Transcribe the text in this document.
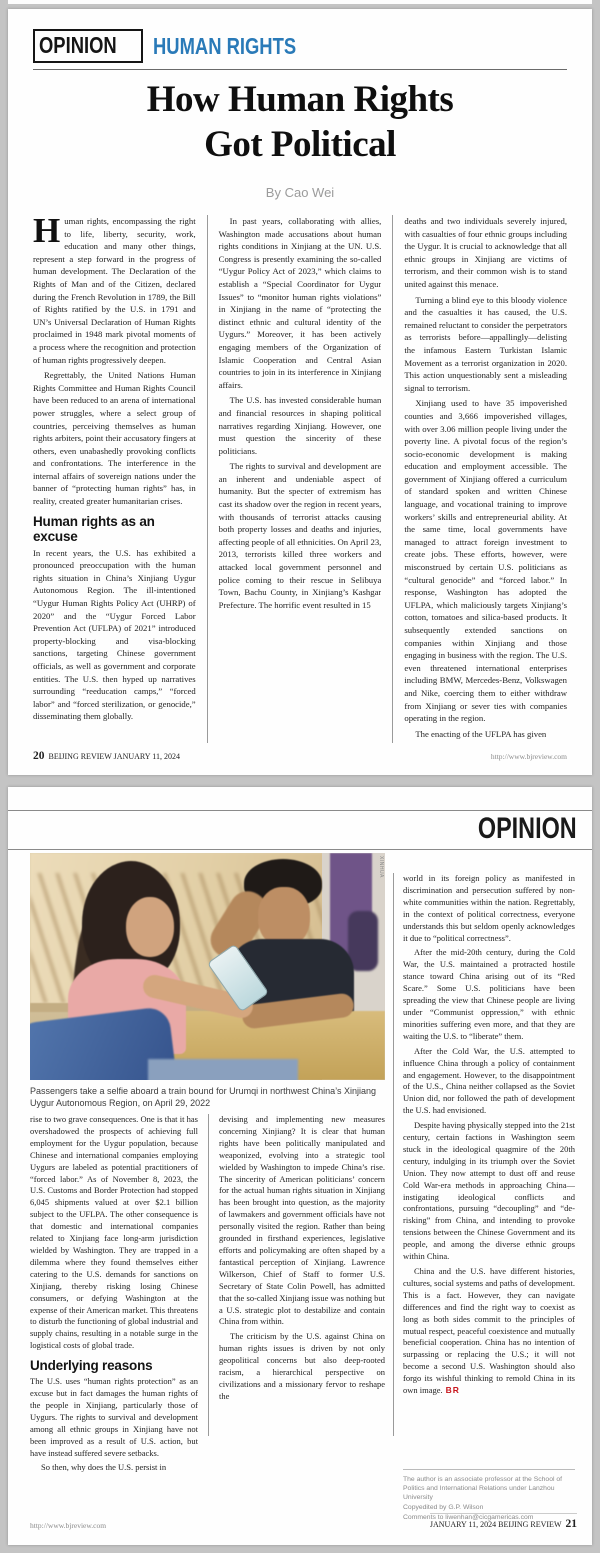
OPINION	HUMAN RIGHTS
How Human Rights
Got Political
By Cao Wei

Human rights, encompassing the right to life, liberty, security, work, education and many other things, represent a step forward in the progress of human development. The Declaration of the Rights of Man and of the Citizen, declared during the French Revolution in 1789, the Bill of Rights ratified by the U.S. in 1791 and UN’s Universal Declaration of Human Rights proclaimed in 1948 mark pivotal moments of a process where the recognition and protection of human rights progressively deepen.

Regrettably, the United Nations Human Rights Committee and Human Rights Council have been reduced to an arena of international power struggles, where a select group of countries, perceiving themselves as human rights arbiters, point their accusatory fingers at others, even unabashedly provoking conflicts and confrontations. The interference in the internal affairs of sovereign nations under the banner of “protecting human rights” has, in reality, created greater humanitarian crises.

Human rights as an excuse

In recent years, the U.S. has exhibited a pronounced preoccupation with the human rights situation in China’s Xinjiang Uygur Autonomous Region. The ill-intentioned “Uygur Human Rights Policy Act (UHRP) of 2020” and the “Uygur Forced Labor Prevention Act (UFLPA) of 2021” introduced property-blocking and visa-blocking sanctions, targeting Chinese government officials, as well as government and corporate entities. The U.S. then hyped up narratives surrounding “reeducation camps,” “forced labor” and “forced sterilization, or genocide,” disseminating them globally.

In past years, collaborating with allies, Washington made accusations about human rights conditions in Xinjiang at the UN. U.S. Congress is presently examining the so-called “Uygur Policy Act of 2023,” which claims to establish a “Special Coordinator for Uygur Issues” to “monitor human rights violations” in Xinjiang in the name of “protecting the distinct ethnic and cultural identity of the Uygurs.” Moreover, it has been actively engaging members of the Organization of Islamic Cooperation and Central Asian countries to join in its interference in Xinjiang affairs.

The U.S. has invested considerable human and financial resources in shaping political narratives regarding Xinjiang. However, one must question the sincerity of these politicians.

The rights to survival and development are an inherent and undeniable aspect of humanity. But the specter of extremism has cast its shadow over the region in recent years, with thousands of terrorist attacks causing both property losses and deaths and injuries, affecting people of all ethnicities. On April 23, 2013, terrorists killed three workers and attacked local government personnel and police coming to their rescue in Selibuya Town, Bachu County, in Xinjiang’s Kashgar Prefecture. The horrific event resulted in 15

deaths and two individuals severely injured, with casualties of four ethnic groups including the Uygur. It is crucial to acknowledge that all ethnic groups in Xinjiang are victims of terrorism, and their common wish is to stand united against this menace.

Turning a blind eye to this bloody violence and the casualties it has caused, the U.S. remained reluctant to consider the perpetrators as terrorists before—appallingly—delisting the infamous Eastern Turkistan Islamic Movement as a terrorist organization in 2020. This action unquestionably sent a misleading signal to terrorism.

Xinjiang used to have 35 impoverished counties and 3,666 impoverished villages, with over 3.06 million people living under the poverty line. A pivotal focus of the region’s socio-economic development is making education and employment accessible. The government of Xinjiang offered a curriculum of standard spoken and written Chinese language, and vocational training to improve workers’ skills and entrepreneurial ability. At the same time, local governments have managed to attract foreign investment to create jobs. These efforts, however, were misconstrued by certain U.S. politicians as “cultural genocide” and “forced labor.” In response, Washington has adopted the UFLPA, which maliciously targets Xinjiang’s cotton, tomatoes and silica-based products. It subsequently extended sanctions on companies within Xinjiang and those engaging in business with the region. The U.S. even threatened international enterprises including BMW, Mercedes-Benz, Volkswagen and Nike, coercing them to either withdraw from Xinjiang or sever ties with companies operating in the region.

The enacting of the UFLPA has given

20 BEIJING REVIEW JANUARY 11, 2024	http://www.bjreview.com
OPINION
XINHUA
Passengers take a selfie aboard a train bound for Urumqi in northwest China’s Xinjiang Uygur Autonomous Region, on April 29, 2022

rise to two grave consequences. One is that it has overshadowed the prospects of achieving full employment for the Uygur population, because Chinese and international companies employing Uygurs are labeled as potential practitioners of “forced labor.” As of November 8, 2023, the U.S. Customs and Border Protection had stopped 6,045 shipments valued at over $2.1 billion subject to the UFLPA. The other consequence is that domestic and international companies related to Xinjiang face long-arm jurisdiction wielded by Washington. They are trapped in a dilemma where they found themselves either catering to the U.S. demands for sanctions on Xinjiang, thereby risking losing Chinese consumers, or defying Washington at the expense of their American market. This threatens to disturb the functioning of global industrial and supply chains, resulting in a notable surge in the logistical costs of global trade.

Underlying reasons

The U.S. uses “human rights protection” as an excuse but in fact damages the human rights of the people in Xinjiang, particularly those of Uygurs. The rights to survival and development among all ethnic groups in Xinjiang have not been improved as a result of U.S. action, but have instead suffered severe setbacks.

So then, why does the U.S. persist in

devising and implementing new measures concerning Xinjiang? It is clear that human rights have been politically manipulated and weaponized, evolving into a strategic tool wielded by Washington to impede China’s rise. The sincerity of American politicians’ concern for the actual human rights situation in Xinjiang has been brought into question, as the majority of lawmakers and government officials have not personally visited the region. Rather than being grounded in firsthand experiences, legislative efforts and policymaking are often shaped by a fantastical perception of Xinjiang. Lawrence Wilkerson, Chief of Staff to former U.S. Secretary of State Colin Powell, has admitted that the so-called Xinjiang issue was nothing but a U.S. strategic plot to destabilize and contain China from within.

The criticism by the U.S. against China on human rights issues is driven by not only geopolitical concerns but also deep-rooted racism, a hierarchical perspective on civilizations and a missionary fervor to reshape the

world in its foreign policy as manifested in discrimination and persecution suffered by non-white communities within the nation. Regrettably, in the context of political correctness, everyone understands this but seldom openly acknowledges it due to “political correctness”.

After the mid-20th century, during the Cold War, the U.S. maintained a protracted hostile stance toward China arising out of its “Red Scare.” Some U.S. politicians have been spreading the view that Chinese people are living under “Communist oppression,” with ethnic minorities suffering even more, and that they are waiting the U.S. to “liberate” them.

After the Cold War, the U.S. attempted to influence China through a policy of containment and engagement. However, to the disappointment of the U.S., China neither collapsed as the Soviet Union did, nor followed the path of development the U.S. had envisioned.

Despite having physically stepped into the 21st century, certain factions in Washington seem stuck in the ideological quagmire of the 20th century, indulging in its triumph over the Soviet Union. They now attempt to dust off and reuse Cold War-era methods in approaching China—instigating ideological conflicts and confrontations, pursuing “decoupling” and “de-risking” from China, and intending to provoke tensions between the Chinese Government and its people, and among the diverse ethnic groups within China.

China and the U.S. have different histories, cultures, social systems and paths of development. This is a fact. However, they can navigate differences and find the right way to coexist as long as both sides commit to the principles of mutual respect, peaceful coexistence and mutually beneficial cooperation. China has no intention of surpassing or replacing the U.S.; it will not become a second U.S. Washington should also forgo its wishful thinking to remold China in its own image. BR

The author is an associate professor at the School of Politics and International Relations under Lanzhou University
Copyedited by G.P. Wilson
Comments to liwenhan@cicgamericas.com
http://www.bjreview.com	JANUARY 11, 2024 BEIJING REVIEW 21
